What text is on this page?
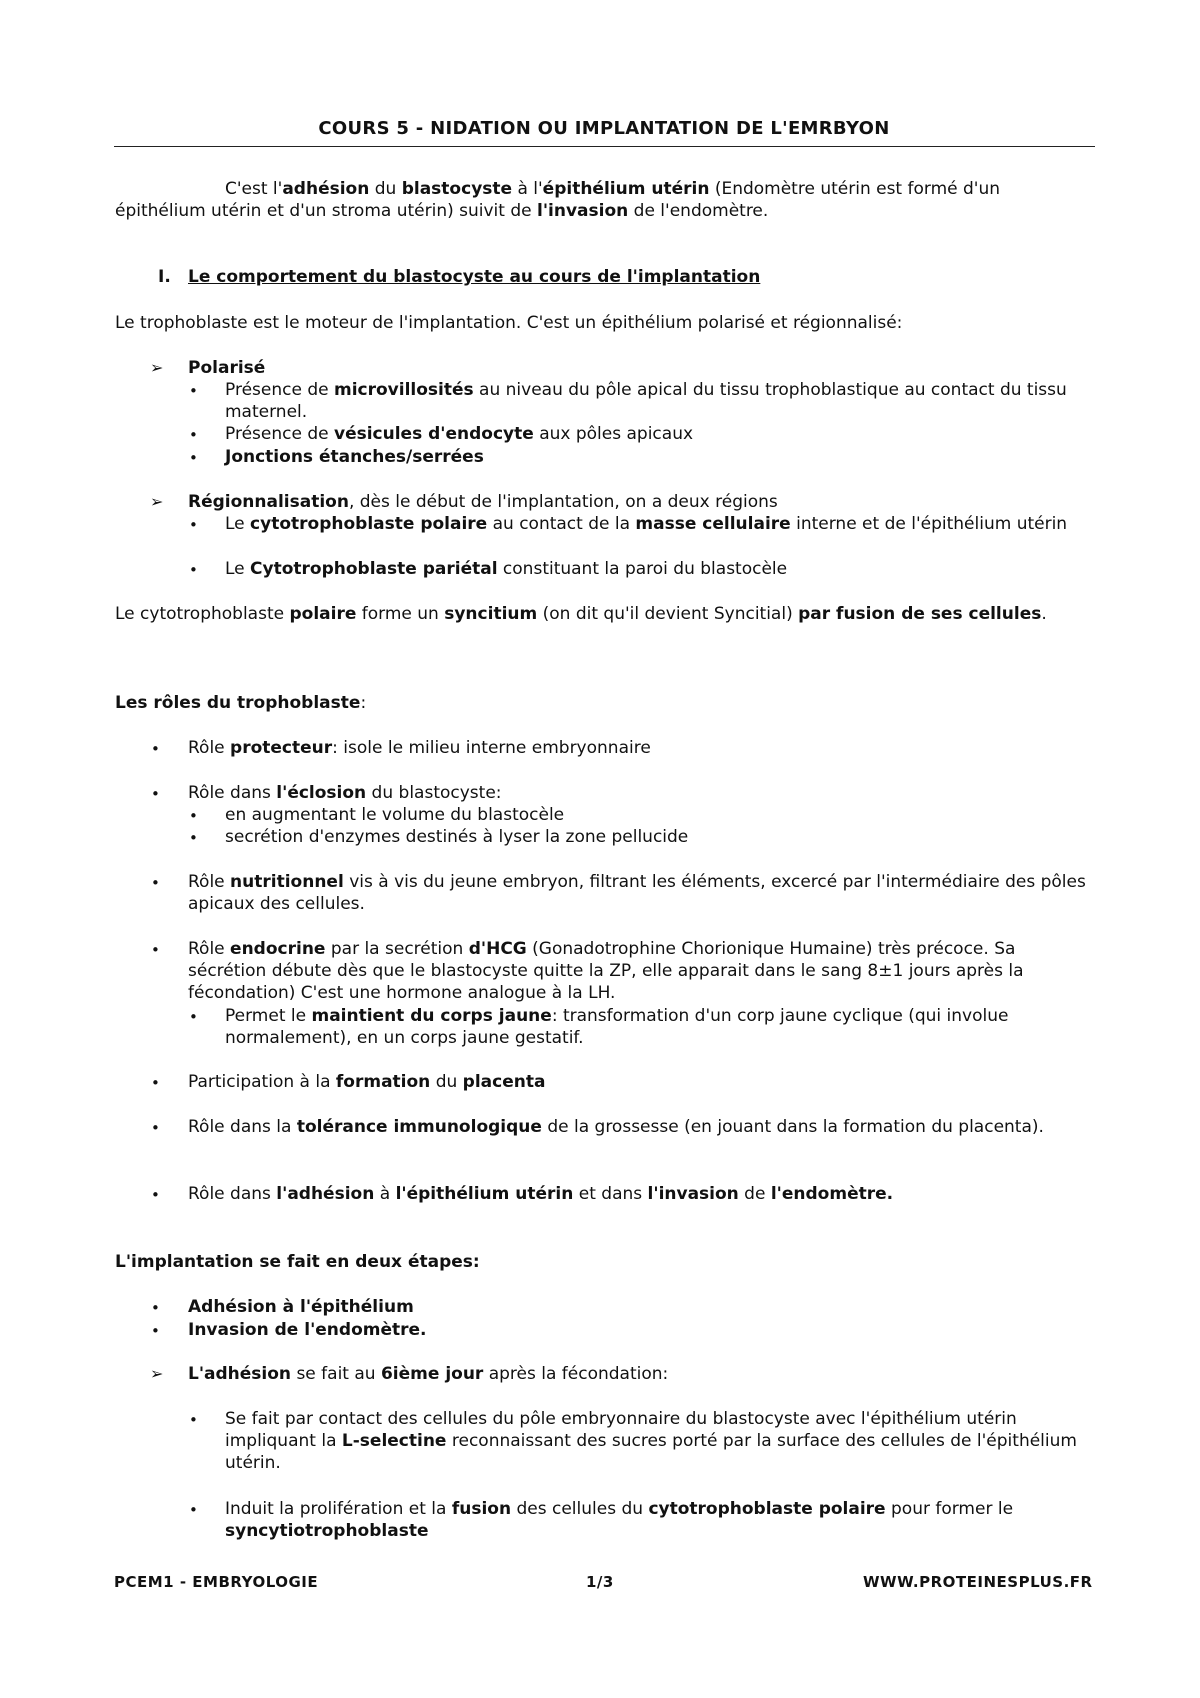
COURS 5 - NIDATION OU IMPLANTATION DE L'EMRBYON

C'est l'adhésion du blastocyste à l'épithélium utérin (Endomètre utérin est formé d'un épithélium utérin et d'un stroma utérin) suivit de l'invasion de l'endomètre.

I. Le comportement du blastocyste au cours de l'implantation

Le trophoblaste est le moteur de l'implantation. C'est un épithélium polarisé et régionnalisé:

➢ Polarisé
• Présence de microvillosités au niveau du pôle apical du tissu trophoblastique au contact du tissu maternel.

• Présence de vésicules d'endocyte aux pôles apicaux

• Jonctions étanches/serrées

➢ Régionnalisation, dès le début de l'implantation, on a deux régions

• Le cytotrophoblaste polaire au contact de la masse cellulaire interne et de l'épithélium utérin

• Le Cytotrophoblaste pariétal constituant la paroi du blastocèle

Le cytotrophoblaste polaire forme un syncitium (on dit qu'il devient Syncitial) par fusion de ses cellules.

Les rôles du trophoblaste:

• Rôle protecteur: isole le milieu interne embryonnaire

• Rôle dans l'éclosion du blastocyste:

• en augmentant le volume du blastocèle

• secrétion d'enzymes destinés à lyser la zone pellucide

• Rôle nutritionnel vis à vis du jeune embryon, filtrant les éléments, excercé par l'intermédiaire des pôles apicaux des cellules.

• Rôle endocrine par la secrétion d'HCG (Gonadotrophine Chorionique Humaine) très précoce. Sa sécrétion débute dès que le blastocyste quitte la ZP, elle apparait dans le sang 8±1 jours après la fécondation) C'est une hormone analogue à la LH.

• Permet le maintient du corps jaune: transformation d'un corp jaune cyclique (qui involue normalement), en un corps jaune gestatif.

• Participation à la formation du placenta

• Rôle dans la tolérance immunologique de la grossesse (en jouant dans la formation du placenta).

• Rôle dans l'adhésion à l'épithélium utérin et dans l'invasion de l'endomètre.

L'implantation se fait en deux étapes:

• Adhésion à l'épithélium

• Invasion de l'endomètre.

➢ L'adhésion se fait au 6ième jour après la fécondation:

• Se fait par contact des cellules du pôle embryonnaire du blastocyste avec l'épithélium utérin impliquant la L-selectine reconnaissant des sucres porté par la surface des cellules de l'épithélium utérin.

• Induit la prolifération et la fusion des cellules du cytotrophoblaste polaire pour former le syncytiotrophoblaste

PCEM1 - EMBRYOLOGIE	1/3	WWW.PROTEINESPLUS.FR
